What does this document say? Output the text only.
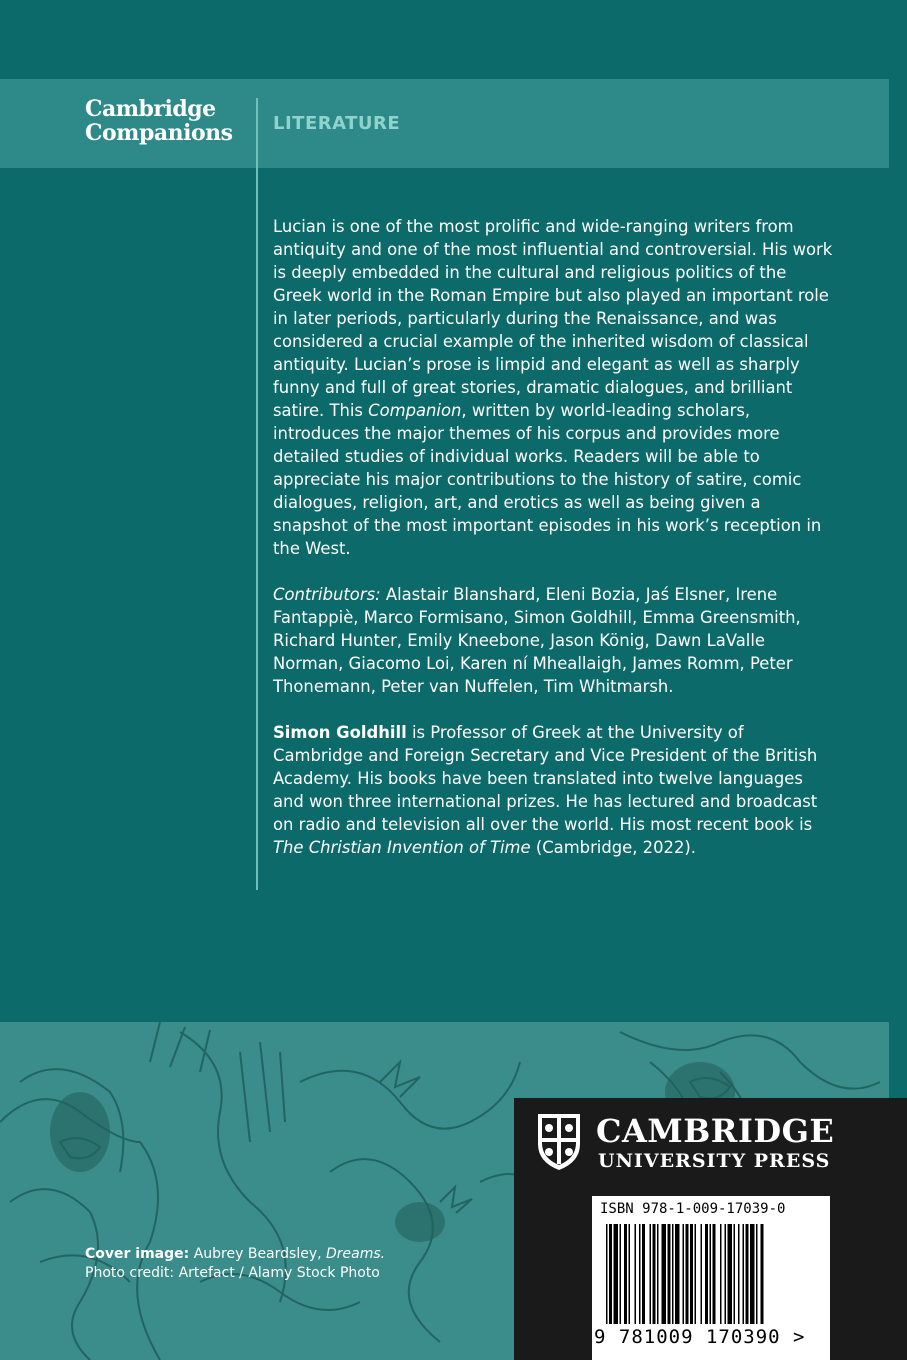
Cambridge
Companions LITERATURE

Lucian is one of the most prolific and wide-ranging writers from antiquity and one of the most influential and controversial. His work is deeply embedded in the cultural and religious politics of the Greek world in the Roman Empire but also played an important role in later periods, particularly during the Renaissance, and was considered a crucial example of the inherited wisdom of classical antiquity. Lucian’s prose is limpid and elegant as well as sharply funny and full of great stories, dramatic dialogues, and brilliant satire. This Companion, written by world-leading scholars, introduces the major themes of his corpus and provides more detailed studies of individual works. Readers will be able to appreciate his major contributions to the history of satire, comic dialogues, religion, art, and erotics as well as being given a snapshot of the most important episodes in his work’s reception in the West.

Contributors: Alastair Blanshard, Eleni Bozia, Jaś Elsner, Irene Fantappiè, Marco Formisano, Simon Goldhill, Emma Greensmith, Richard Hunter, Emily Kneebone, Jason König, Dawn LaValle Norman, Giacomo Loi, Karen ní Mheallaigh, James Romm, Peter Thonemann, Peter van Nuffelen, Tim Whitmarsh.

Simon Goldhill is Professor of Greek at the University of Cambridge and Foreign Secretary and Vice President of the British Academy. His books have been translated into twelve languages and won three international prizes. He has lectured and broadcast on radio and television all over the world. His most recent book is The Christian Invention of Time (Cambridge, 2022).

Cover image: Aubrey Beardsley, Dreams.
Photo credit: Artefact / Alamy Stock Photo
CAMBRIDGE
UNIVERSITY PRESS
ISBN 978-1-009-17039-0
9 781009 170390 >
